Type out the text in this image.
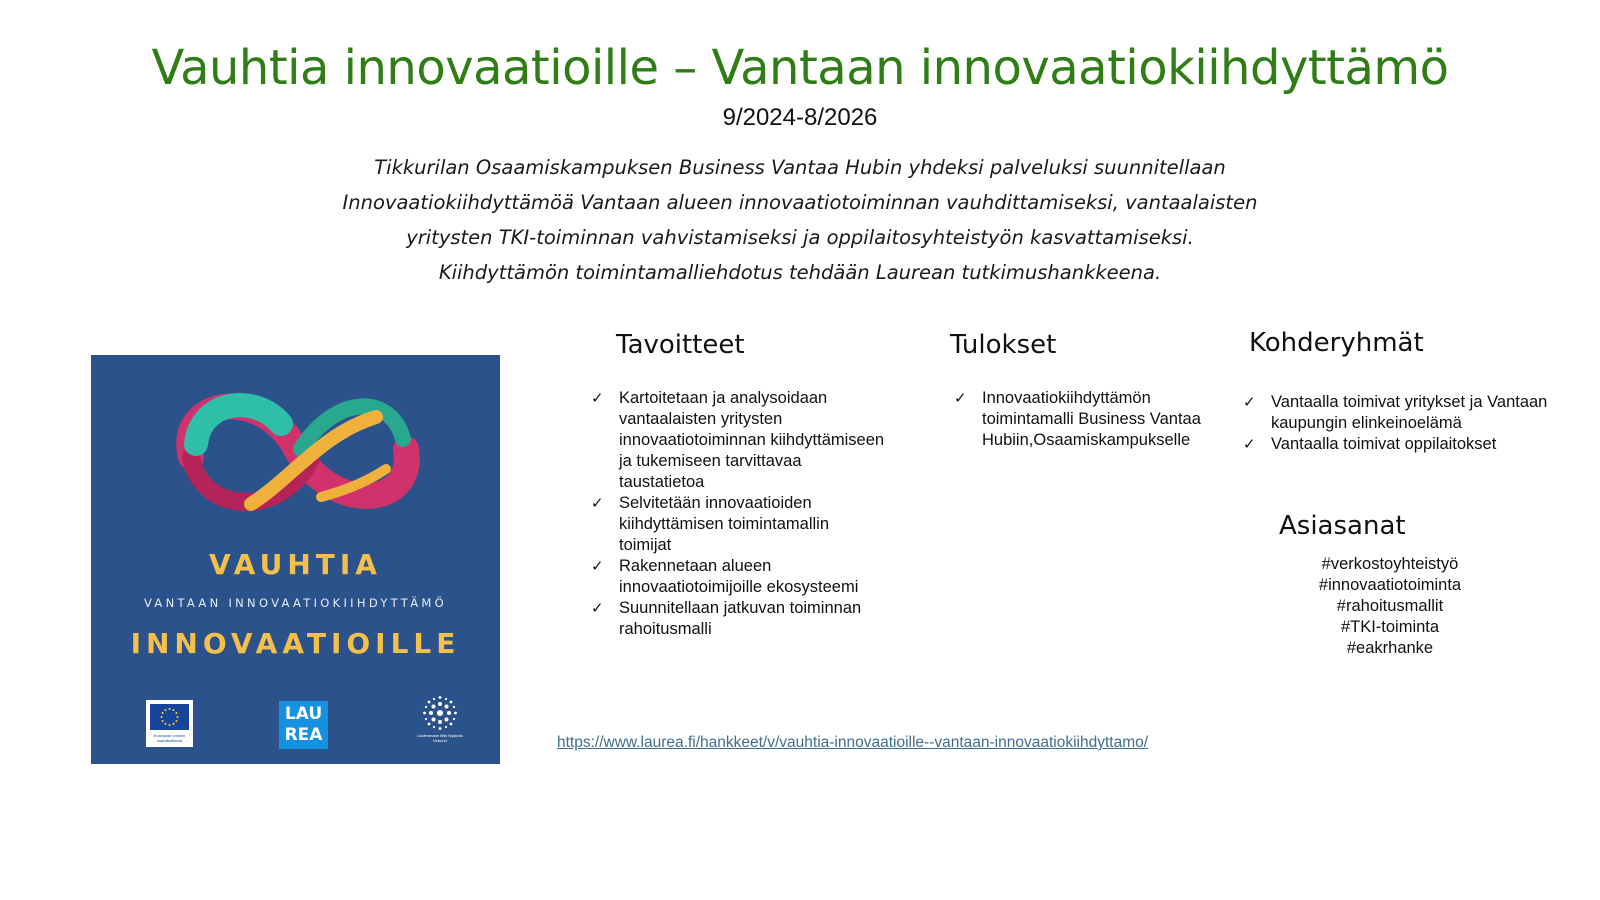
Vauhtia innovaatioille – Vantaan innovaatiokiihdyttämö
9/2024-8/2026
Tikkurilan Osaamiskampuksen Business Vantaa Hubin yhdeksi palveluksi suunnitellaan
Innovaatiokiihdyttämöä Vantaan alueen innovaatiotoiminnan vauhdittamiseksi, vantaalaisten
yritysten TKI-toiminnan vahvistamiseksi ja oppilaitosyhteistyön kasvattamiseksi.
Kiihdyttämön toimintamalliehdotus tehdään Laurean tutkimushankkeena.
VAUHTIA
VANTAAN INNOVAATIOKIIHDYTTÄMÖ
INNOVAATIOILLE
Euroopan unionin osarahoittama
LAU
REA	Uudenmaan liitto Nylands förbund
Tavoitteet
✓ Kartoitetaan ja analysoidaan
vantaalaisten yritysten
innovaatiotoiminnan kiihdyttämiseen
ja tukemiseen tarvittavaa
taustatietoa
✓ Selvitetään innovaatioiden
kiihdyttämisen toimintamallin
toimijat
✓ Rakennetaan alueen
innovaatiotoimijoille ekosysteemi
✓ Suunnitellaan jatkuvan toiminnan
rahoitusmalli
Tulokset
✓ Innovaatiokiihdyttämön
toimintamalli Business Vantaa
Hubiin,Osaamiskampukselle
Kohderyhmät
✓ Vantaalla toimivat yritykset ja Vantaan
kaupungin elinkeinoelämä
✓ Vantaalla toimivat oppilaitokset
Asiasanat
#verkostoyhteistyö
#innovaatiotoiminta
#rahoitusmallit
#TKI-toiminta
#eakrhanke
https://www.laurea.fi/hankkeet/v/vauhtia-innovaatioille--vantaan-innovaatiokiihdyttamo/
